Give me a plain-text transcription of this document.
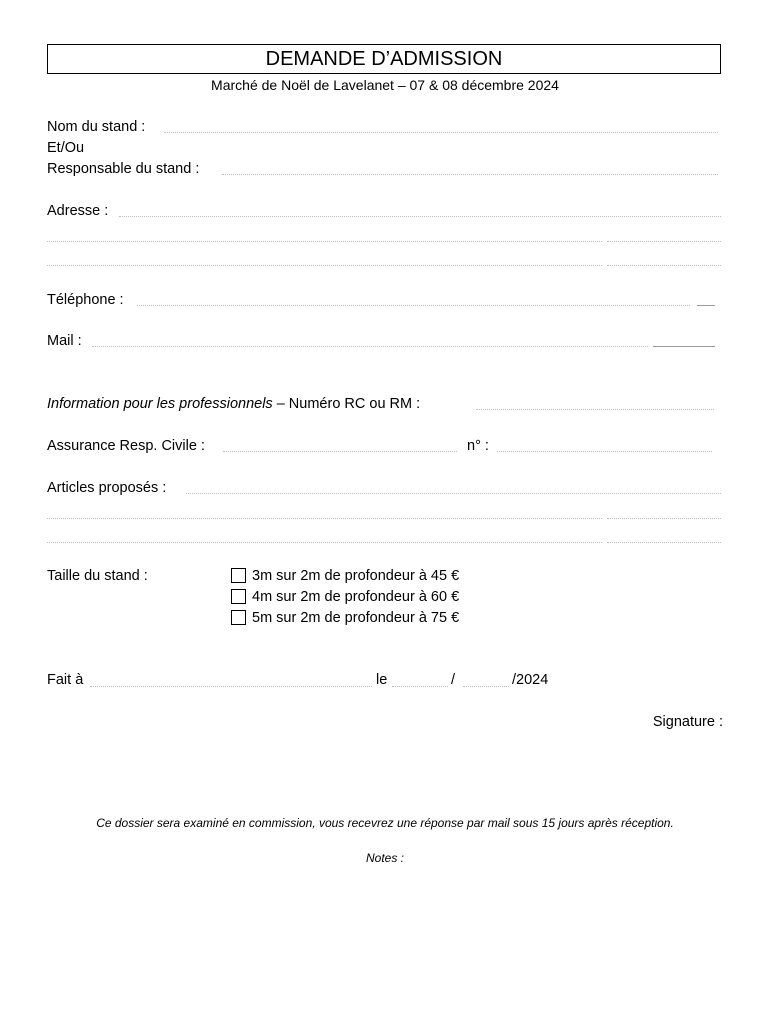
DEMANDE D’ADMISSION
Marché de Noël de Lavelanet – 07 & 08 décembre 2024
Nom du stand :
Et/Ou
Responsable du stand :
Adresse :
Téléphone :
Mail :
Information pour les professionnels – Numéro RC ou RM :
Assurance Resp. Civile :	n° :
Articles proposés :
Taille du stand :	3m sur 2m de profondeur à 45 €
4m sur 2m de profondeur à 60 €
5m sur 2m de profondeur à 75 €
Fait à	le	/	/2024
Signature :
Ce dossier sera examiné en commission, vous recevrez une réponse par mail sous 15 jours après réception.
Notes :
